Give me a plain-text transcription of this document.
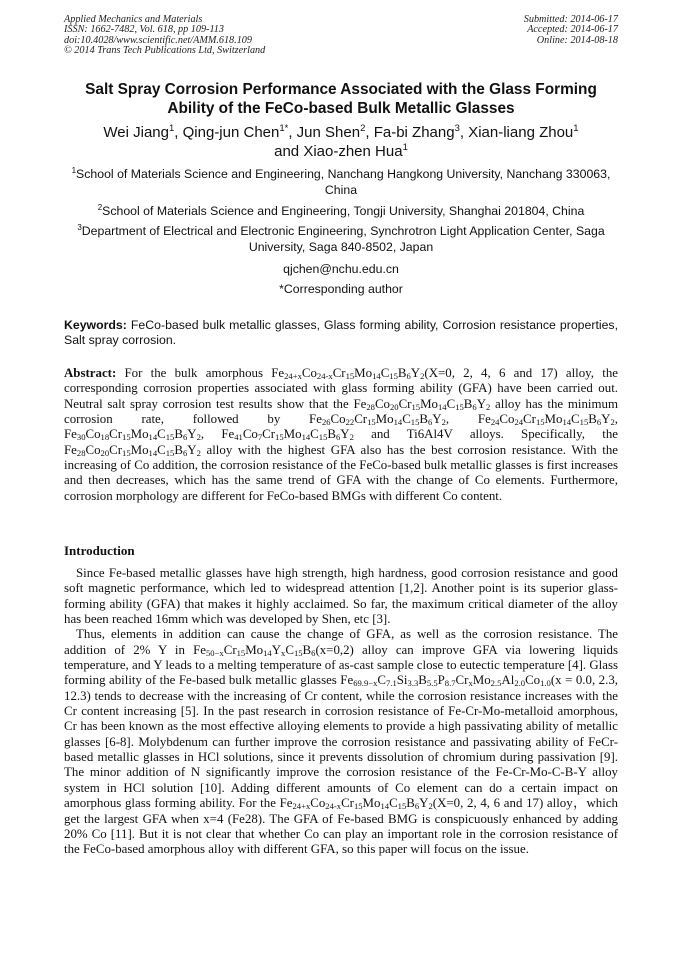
Applied Mechanics and Materials
ISSN: 1662-7482, Vol. 618, pp 109-113
doi:10.4028/www.scientific.net/AMM.618.109
© 2014 Trans Tech Publications Ltd, Switzerland
Submitted: 2014-06-17
Accepted: 2014-06-17
Online: 2014-08-18
Salt Spray Corrosion Performance Associated with the Glass Forming
Ability of the FeCo-based Bulk Metallic Glasses
Wei Jiang$^1$, Qing-jun Chen$^{1*}$, Jun Shen$^2$, Fa-bi Zhang$^3$, Xian-liang Zhou$^1$
and Xiao-zhen Hua$^1$
$^1$School of Materials Science and Engineering, Nanchang Hangkong University, Nanchang 330063,
China
$^2$School of Materials Science and Engineering, Tongji University, Shanghai 201804, China
$^3$Department of Electrical and Electronic Engineering, Synchrotron Light Application Center, Saga
University, Saga 840-8502, Japan
qjchen@nchu.edu.cn
*Corresponding author
Keywords: FeCo-based bulk metallic glasses, Glass forming ability, Corrosion resistance properties, Salt spray corrosion.
Abstract: For the bulk amorphous $Fe_{24+x}Co_{24-x}Cr_{15}Mo_{14}C_{15}B_6Y_2(X=0$, 2, 4, 6 and 17) alloy, the corresponding corrosion properties associated with glass forming ability (GFA) have been carried out. Neutral salt spray corrosion test results show that the $Fe_{28}Co_{20}Cr_{15}Mo_{14}C_{15}B_6Y_2$ alloy has the minimum corrosion rate, followed by $Fe_{26}Co_{22}Cr_{15}Mo_{14}C_{15}B_6Y_2$, $Fe_{24}Co_{24}Cr_{15}Mo_{14}C_{15}B_6Y_2$, $Fe_{30}Co_{18}Cr_{15}Mo_{14}C_{15}B_6Y_2$, $Fe_{41}Co_7Cr_{15}Mo_{14}C_{15}B_6Y_2$ and Ti6Al4V alloys. Specifically, the $Fe_{28}Co_{20}Cr_{15}Mo_{14}C_{15}B_6Y_2$ alloy with the highest GFA also has the best corrosion resistance. With the increasing of Co addition, the corrosion resistance of the FeCo-based bulk metallic glasses is first increases and then decreases, which has the same trend of GFA with the change of Co elements. Furthermore, corrosion morphology are different for FeCo-based BMGs with different Co content.
Introduction

Since Fe-based metallic glasses have high strength, high hardness, good corrosion resistance and good soft magnetic performance, which led to widespread attention [1,2]. Another point is its superior glass-forming ability (GFA) that makes it highly acclaimed. So far, the maximum critical diameter of the alloy has been reached 16mm which was developed by Shen, etc [3].

Thus, elements in addition can cause the change of GFA, as well as the corrosion resistance. The addition of 2% Y in $Fe_{50-x}Cr_{15}Mo_{14}Y_xC_{15}B_6(x=0,2)$ alloy can improve GFA via lowering liquids temperature, and Y leads to a melting temperature of as-cast sample close to eutectic temperature [4]. Glass forming ability of the Fe-based bulk metallic glasses $Fe_{69.9-x}C_{7.1}Si_{3.3}B_{5.5}P_{8.7}Cr_xMo_{2.5}Al_{2.0}Co_{1.0}(x = 0.0$, 2.3, 12.3) tends to decrease with the increasing of Cr content, while the corrosion resistance increases with the Cr content increasing [5]. In the past research in corrosion resistance of Fe-Cr-Mo-metalloid amorphous, Cr has been known as the most effective alloying elements to provide a high passivating ability of metallic glasses [6-8]. Molybdenum can further improve the corrosion resistance and passivating ability of FeCr-based metallic glasses in HCl solutions, since it prevents dissolution of chromium during passivation [9]. The minor addition of N significantly improve the corrosion resistance of the Fe-Cr-Mo-C-B-Y alloy system in HCl solution [10]. Adding different amounts of Co element can do a certain impact on amorphous glass forming ability. For the $Fe_{24+x}Co_{24-x}Cr_{15}Mo_{14}C_{15}B_6Y_2(X=0$, 2, 4, 6 and 17) alloy，which get the largest GFA when x=4 (Fe28). The GFA of Fe-based BMG is conspicuously enhanced by adding 20% Co [11]. But it is not clear that whether Co can play an important role in the corrosion resistance of the FeCo-based amorphous alloy with different GFA, so this paper will focus on the issue.
